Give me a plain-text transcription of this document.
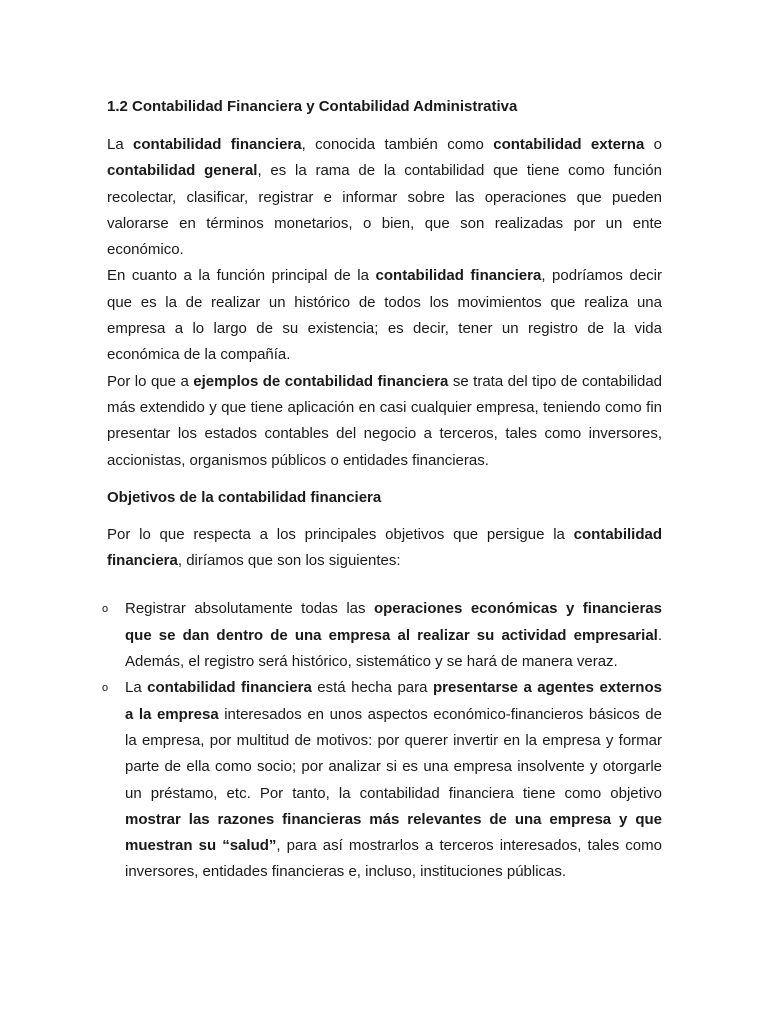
1.2 Contabilidad Financiera y Contabilidad Administrativa

La contabilidad financiera, conocida también como contabilidad externa o contabilidad general, es la rama de la contabilidad que tiene como función recolectar, clasificar, registrar e informar sobre las operaciones que pueden valorarse en términos monetarios, o bien, que son realizadas por un ente económico.

En cuanto a la función principal de la contabilidad financiera, podríamos decir que es la de realizar un histórico de todos los movimientos que realiza una empresa a lo largo de su existencia; es decir, tener un registro de la vida económica de la compañía.

Por lo que a ejemplos de contabilidad financiera se trata del tipo de contabilidad más extendido y que tiene aplicación en casi cualquier empresa, teniendo como fin presentar los estados contables del negocio a terceros, tales como inversores, accionistas, organismos públicos o entidades financieras.

Objetivos de la contabilidad financiera

Por lo que respecta a los principales objetivos que persigue la contabilidad financiera, diríamos que son los siguientes:

o Registrar absolutamente todas las operaciones económicas y financieras que se dan dentro de una empresa al realizar su actividad empresarial. Además, el registro será histórico, sistemático y se hará de manera veraz.
o La contabilidad financiera está hecha para presentarse a agentes externos a la empresa interesados en unos aspectos económico-financieros básicos de la empresa, por multitud de motivos: por querer invertir en la empresa y formar parte de ella como socio; por analizar si es una empresa insolvente y otorgarle un préstamo, etc. Por tanto, la contabilidad financiera tiene como objetivo mostrar las razones financieras más relevantes de una empresa y que muestran su “salud”, para así mostrarlos a terceros interesados, tales como inversores, entidades financieras e, incluso, instituciones públicas.
